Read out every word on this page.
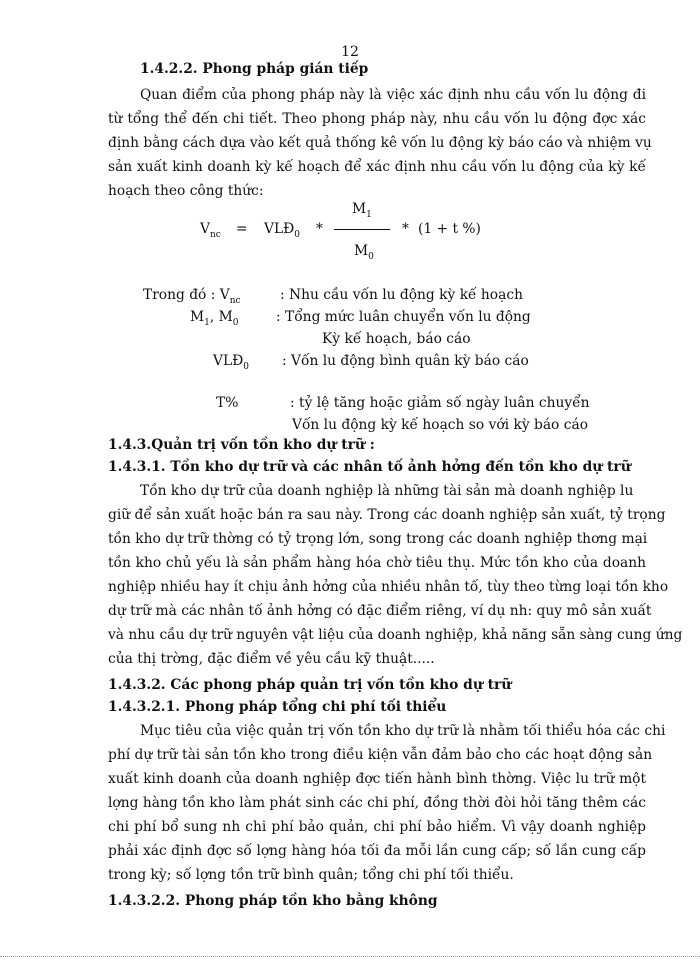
12
1.4.2.2. Phong pháp gián tiếp
Quan điểm của phong pháp này là việc xác định nhu cầu vốn lu động đi
từ tổng thể đến chi tiết. Theo phong pháp này, nhu cầu vốn lu động đợc xác
định bằng cách dựa vào kết quả thống kê vốn lu động kỳ báo cáo và nhiệm vụ
sản xuất kinh doanh kỳ kế hoạch để xác định nhu cầu vốn lu động của kỳ kế
hoạch theo công thức:
$M_1$
$V_{nc}$ = $VLĐ_0$ *	* (1 + t %)
$M_0$
Trong đó : $V_{nc}$	: Nhu cầu vốn lu động kỳ kế hoạch
$M_1$, $M_0$	: Tổng mức luân chuyển vốn lu động
Kỳ kế hoạch, báo cáo
$VLĐ_0$ : Vốn lu động bình quân kỳ báo cáo
T%	: tỷ lệ tăng hoặc giảm số ngày luân chuyển
Vốn lu động kỳ kế hoạch so với kỳ báo cáo
1.4.3.Quản trị vốn tồn kho dự trữ :
1.4.3.1. Tồn kho dự trữ và các nhân tố ảnh hởng đến tồn kho dự trữ
Tồn kho dự trữ của doanh nghiệp là những tài sản mà doanh nghiệp lu
giữ để sản xuất hoặc bán ra sau này. Trong các doanh nghiệp sản xuất, tỷ trọng
tồn kho dự trữ thờng có tỷ trọng lớn, song trong các doanh nghiệp thơng mại
tồn kho chủ yếu là sản phẩm hàng hóa chờ tiêu thụ. Mức tồn kho của doanh
nghiệp nhiều hay ít chịu ảnh hởng của nhiều nhân tố, tùy theo từng loại tồn kho
dự trữ mà các nhân tố ảnh hởng có đặc điểm riêng, ví dụ nh: quy mô sản xuất
và nhu cầu dự trữ nguyên vật liệu của doanh nghiệp, khả năng sẵn sàng cung ứng
của thị trờng, đặc điểm về yêu cầu kỹ thuật.....
1.4.3.2. Các phong pháp quản trị vốn tồn kho dự trữ
1.4.3.2.1. Phong pháp tổng chi phí tối thiểu
Mục tiêu của việc quản trị vốn tồn kho dự trữ là nhằm tối thiểu hóa các chi
phí dự trữ tài sản tồn kho trong điều kiện vẫn đảm bảo cho các hoạt động sản
xuất kinh doanh của doanh nghiệp đợc tiến hành bình thờng. Việc lu trữ một
lợng hàng tồn kho làm phát sinh các chi phí, đồng thời đòi hỏi tăng thêm các
chi phí bổ sung nh chi phí bảo quản, chi phí bảo hiểm. Vì vậy doanh nghiệp
phải xác định đợc số lợng hàng hóa tối đa mỗi lần cung cấp; số lần cung cấp
trong kỳ; số lợng tồn trữ bình quân; tổng chi phí tối thiểu.
1.4.3.2.2. Phong pháp tồn kho bằng không
